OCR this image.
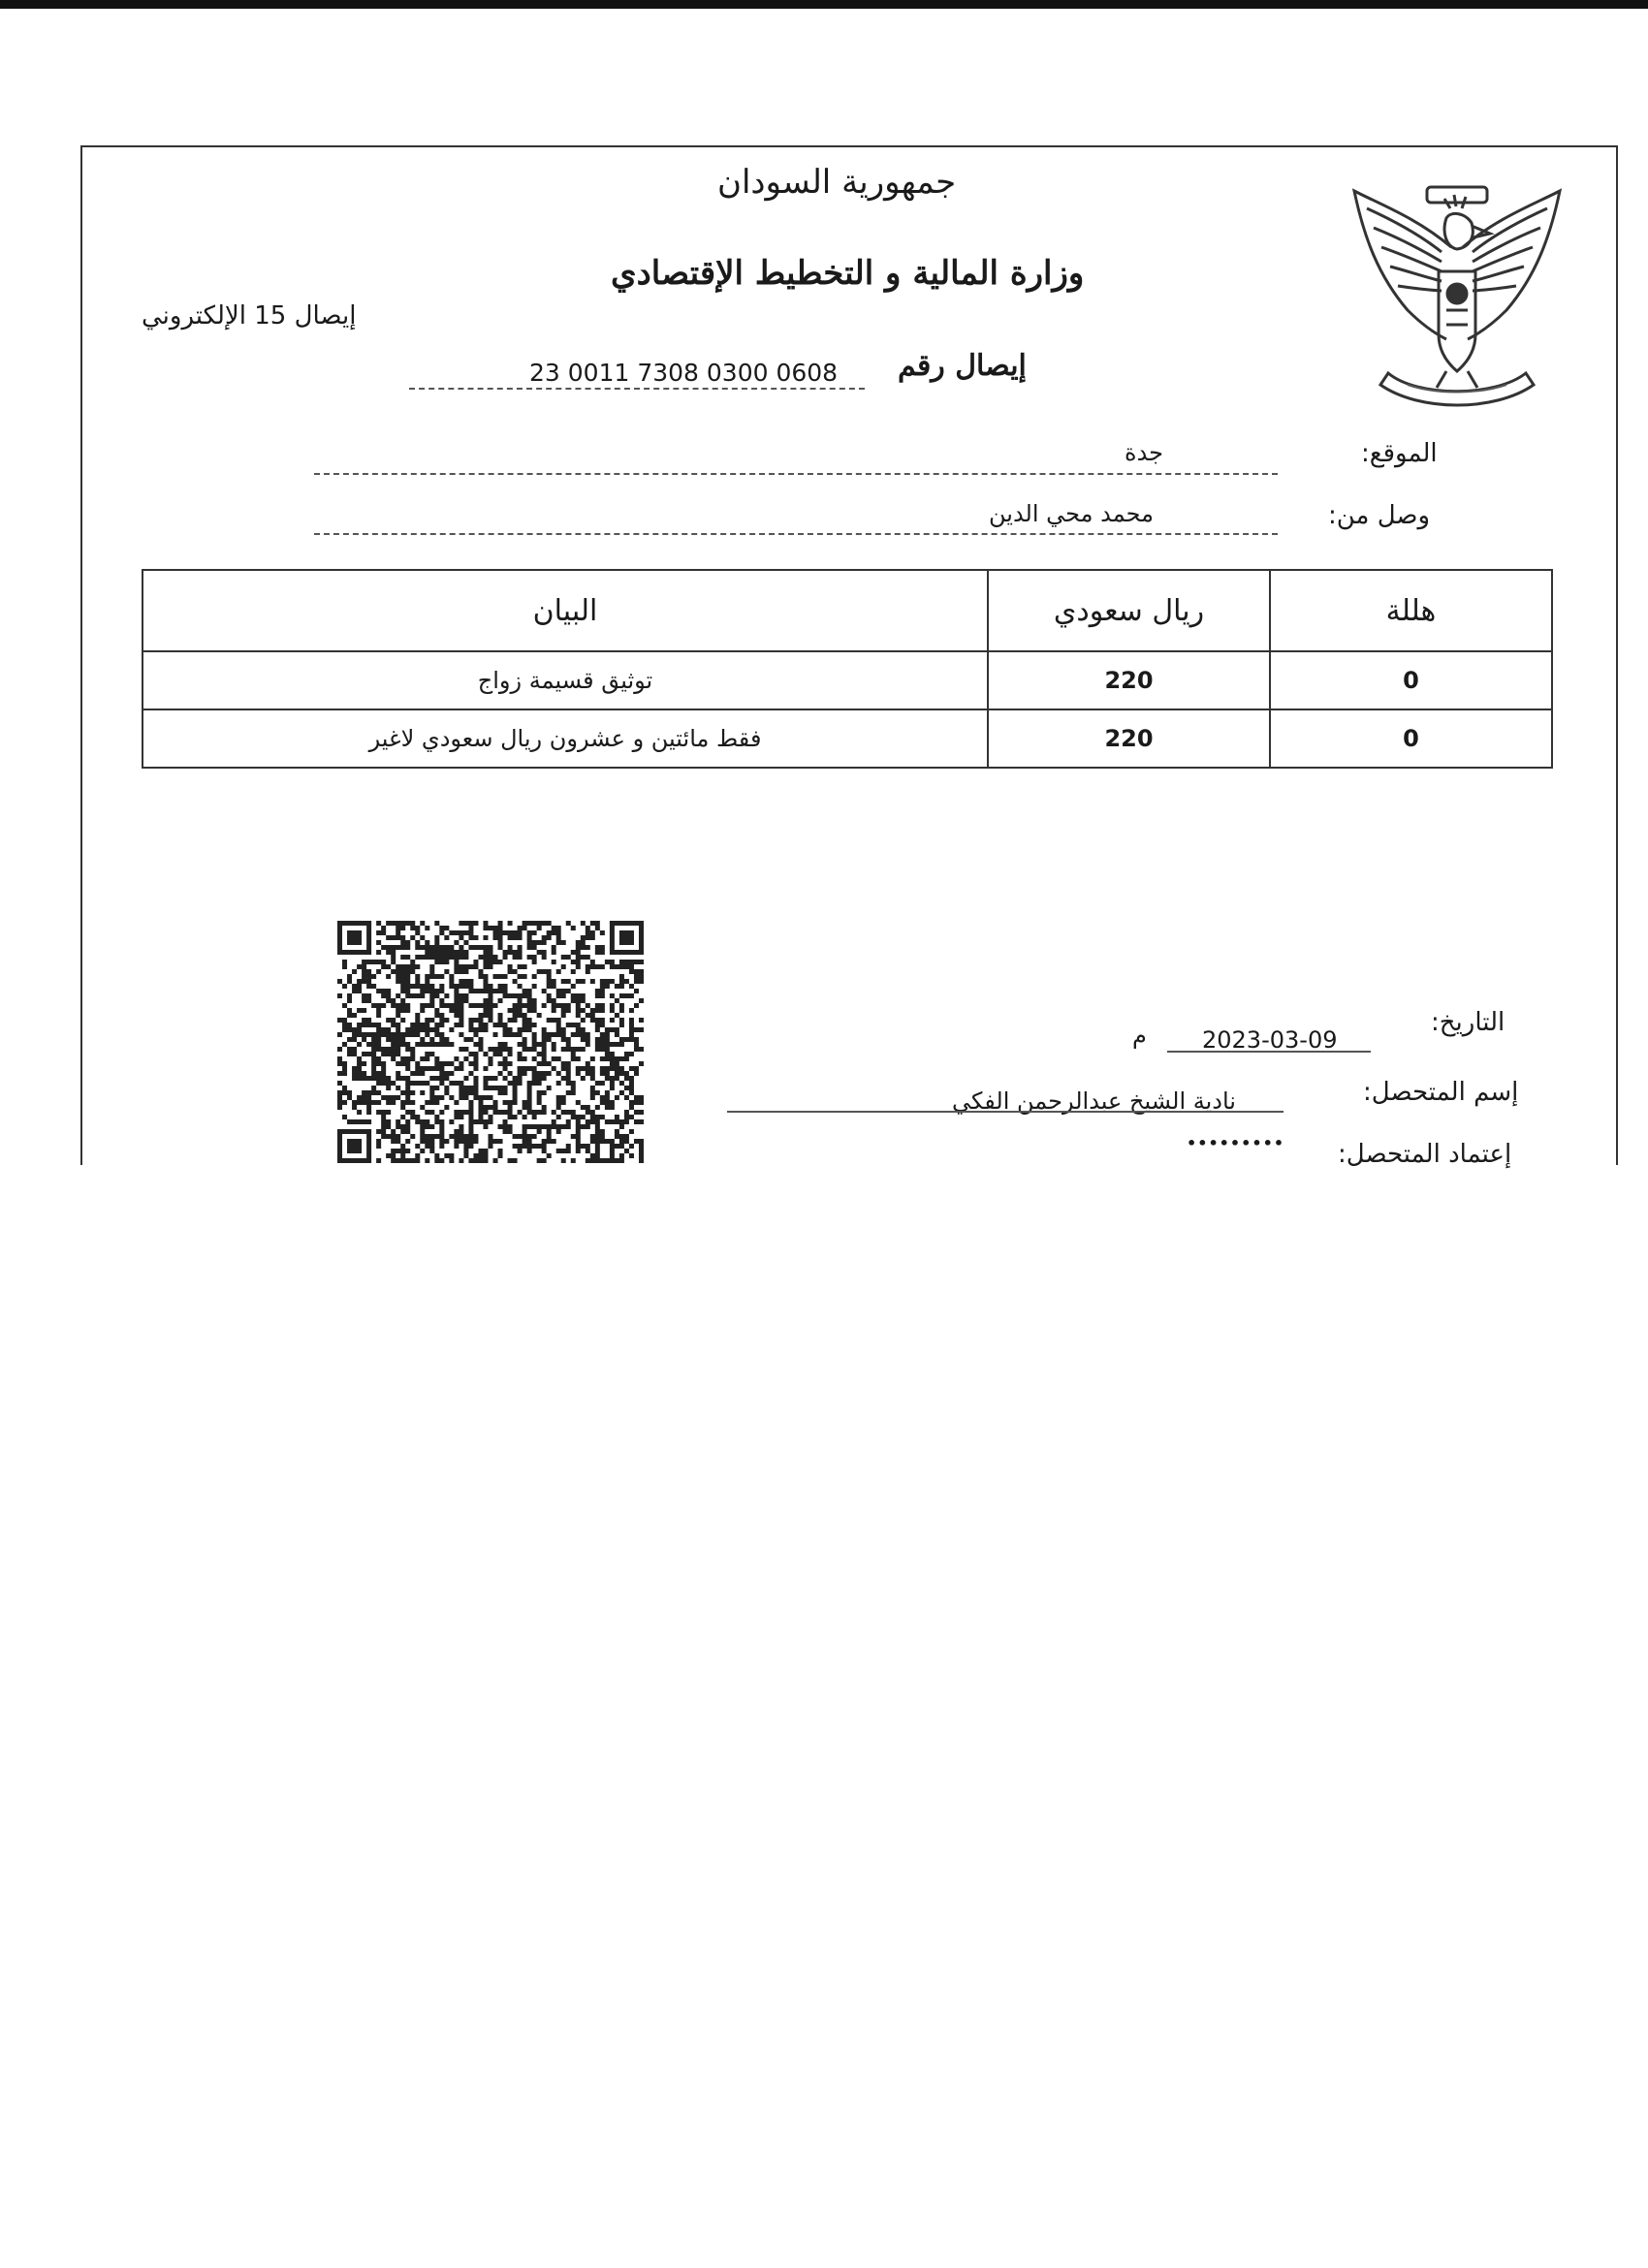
جمهورية السودان
وزارة المالية و التخطيط الإقتصادي
إيصال 15 الإلكتروني
إيصال رقم
23 0011 7308 0300 0608
الموقع:
جدة
وصل من:
محمد محي الدين
هللة	ريال سعودي	البيان
0	220	توثيق قسيمة زواج
0	220	فقط مائتين و عشرون ريال سعودي لاغير
التاريخ:
2023-03-09
م
إسم المتحصل:
نادية الشيخ عبدالرحمن الفكي
إعتماد المتحصل:
•••••••••
